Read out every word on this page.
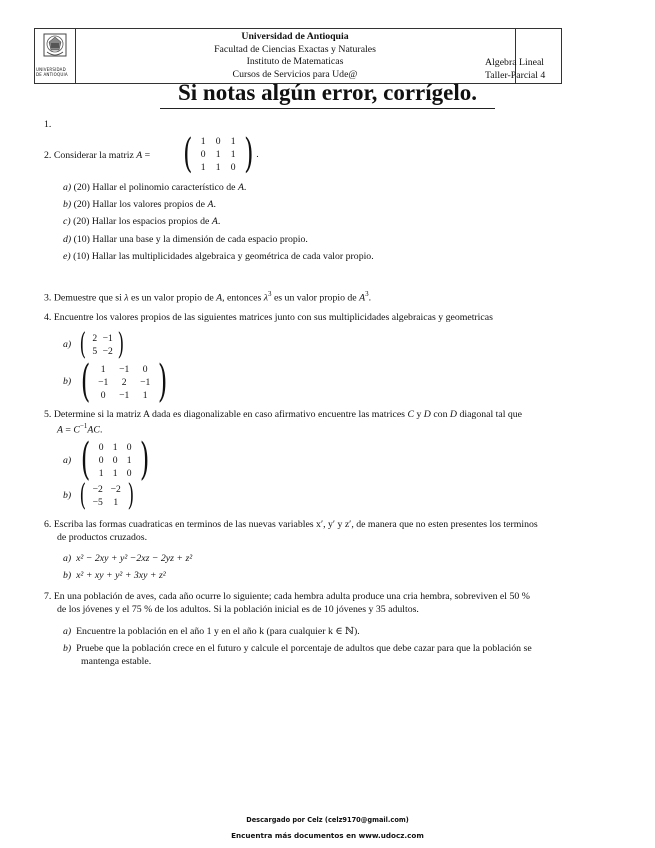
UNIVERSIDAD
DE ANTIOQUIA
Universidad de Antioquia
Facultad de Ciencias Exactas y Naturales
Instituto de Matematicas
Cursos de Servicios para Ude@
Algebra Lineal
Taller-Parcial 4
Si notas algún error, corrígelo.
1.
2. Considerar la matriz A = ( 1	0	1
0	1	1
1	1	0 ) .
a) (20) Hallar el polinomio característico de A.
b) (20) Hallar los valores propios de A.
c) (20) Hallar los espacios propios de A.
d) (10) Hallar una base y la dimensión de cada espacio propio.
e) (10) Hallar las multiplicidades algebraica y geométrica de cada valor propio.
3. Demuestre que si λ es un valor propio de A, entonces $\lambda^3$ es un valor propio de $A^3$.
4. Encuentre los valores propios de las siguientes matrices junto con sus multiplicidades algebraicas y geometricas
a) ( 2 −1
5 −2 )
b) (	1	−1	0
−1	2	−1
0	−1	1 )
5. Determine si la matriz A dada es diagonalizable en caso afirmativo encuentre las matrices C y D con D diagonal tal que
$A = C^{-1}AC$.
a) ( 0 1 0
0 0 1
1 1 0 )
b) ( −2 −2
−5	1 )
6. Escriba las formas cuadraticas en terminos de las nuevas variables x′, y′ y z′, de manera que no esten presentes los terminos
de productos cruzados.
a) x² − 2xy + y² −2xz − 2yz + z²
b) x² + xy + y² + 3xy + z²
7. En una población de aves, cada año ocurre lo siguiente; cada hembra adulta produce una cria hembra, sobreviven el 50 %
de los jóvenes y el 75 % de los adultos. Si la población inicial es de 10 jóvenes y 35 adultos.
a) Encuentre la población en el año 1 y en el año k (para cualquier k ∈ ℕ).
b) Pruebe que la población crece en el futuro y calcule el porcentaje de adultos que debe cazar para que la población se
mantenga estable.
Descargado por Celz (celz9170@gmail.com)
Encuentra más documentos en www.udocz.com
